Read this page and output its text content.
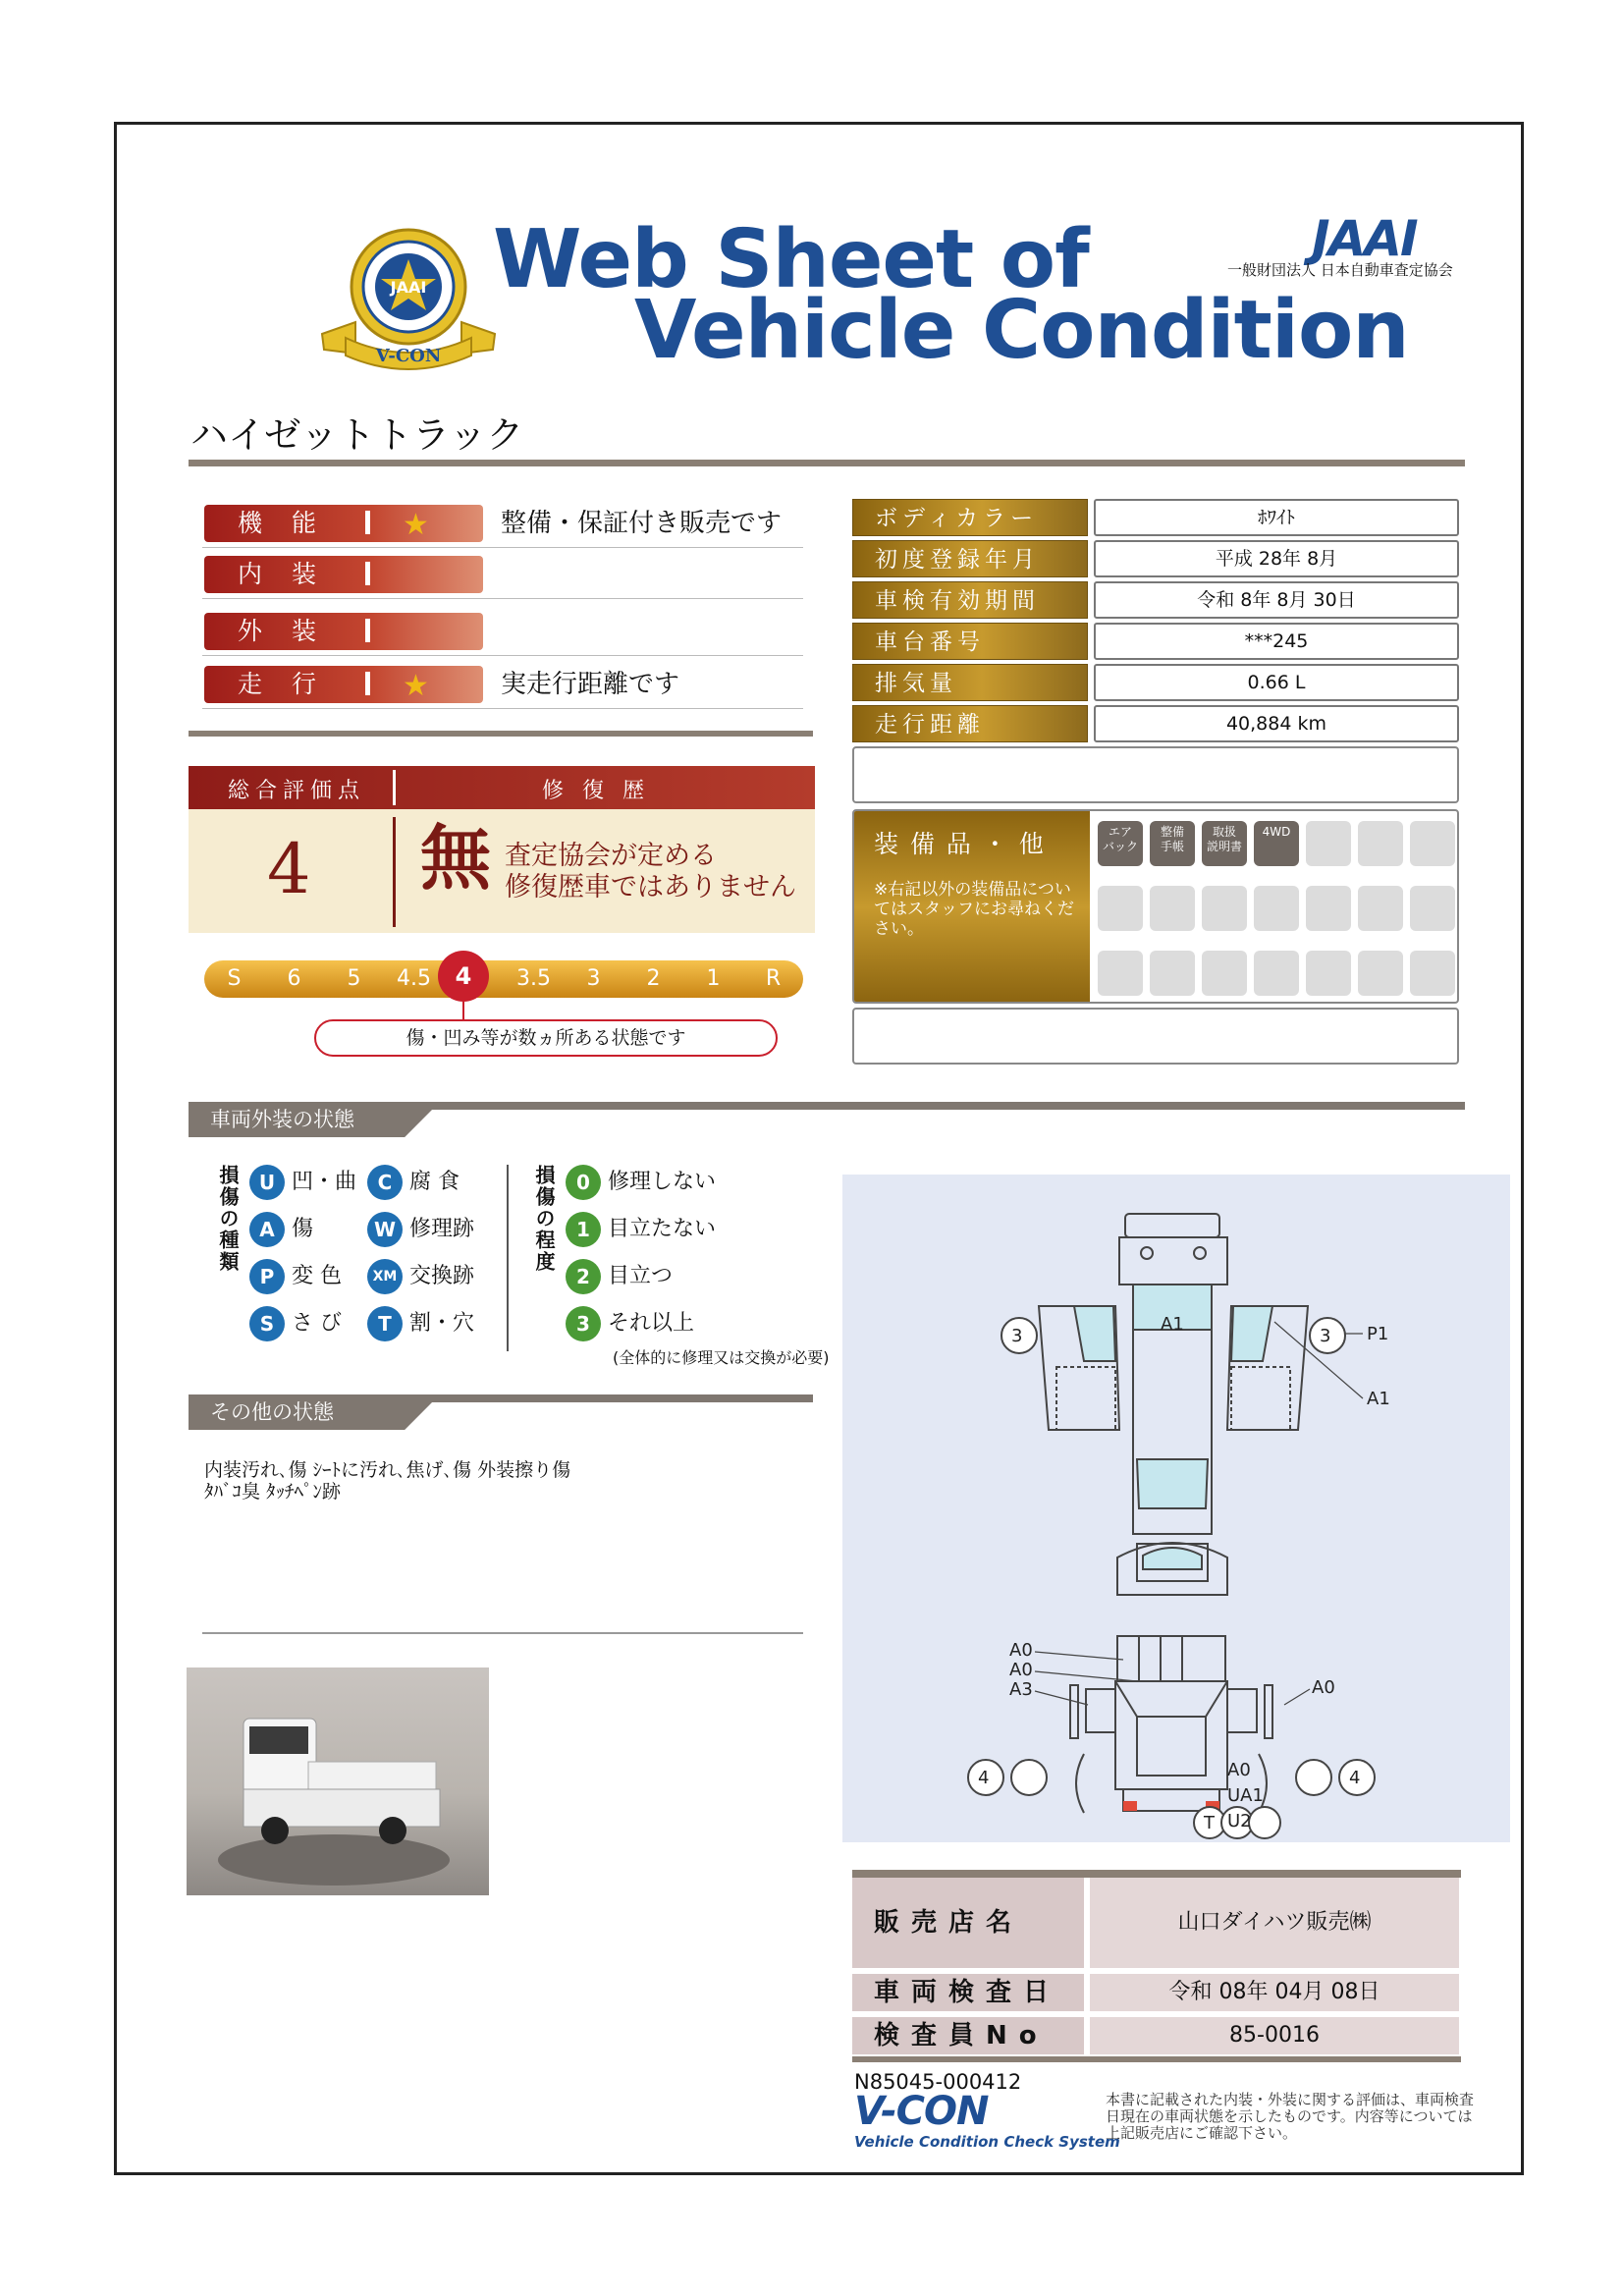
JAAI
V-CON
Web Sheet of
Vehicle Condition
JAAI
一般財団法人 日本自動車査定協会
ハイゼットトラック
機能 ★	整備・保証付き販売です
内装
外装
走行 ★	実走行距離です
総合評価点	修 復 歴
4 無 査定協会が定める
修復歴車ではありません
S	6	5	4.5	3.5	3	2	1	R
4
傷・凹み等が数ヵ所ある状態です
ボディカラー	ﾎﾜｲﾄ
初度登録年月	平成 28年 8月
車検有効期間	令和 8年 8月 30日
車台番号	***245
排気量	0.66 L
走行距離	40,884 km
装 備 品 ・ 他
※右記以外の装備品についてはスタッフにお尋ねください。
エア
バック
整備
手帳
取扱
説明書
4WD
車両外装の状態
損傷の種類 U 凹・曲	C 腐 食
A 傷	W 修理跡
P 変 色	XM 交換跡
S さ び	T 割・穴
損傷の程度	0 修理しない
1 目立たない
2 目立つ
3 それ以上
(全体的に修理又は交換が必要)
その他の状態
内装汚れ､傷 ｼｰﾄに汚れ､焦げ､傷 外装擦り傷
ﾀﾊﾞｺ臭 ﾀｯﾁﾍﾟﾝ跡
3	3
4	4
T
A1	P1
A1
A0
A0
A3	A0
A0
UA1
U2
販売店名	山口ダイハツ販売㈱
車両検査日	令和 08年 04月 08日
検査員No	85-0016
N85045-000412
V-CON
Vehicle Condition Check System
本書に記載された内装・外装に関する評価は、車両検査日現在の車両状態を示したものです。内容等については上記販売店にご確認下さい。
